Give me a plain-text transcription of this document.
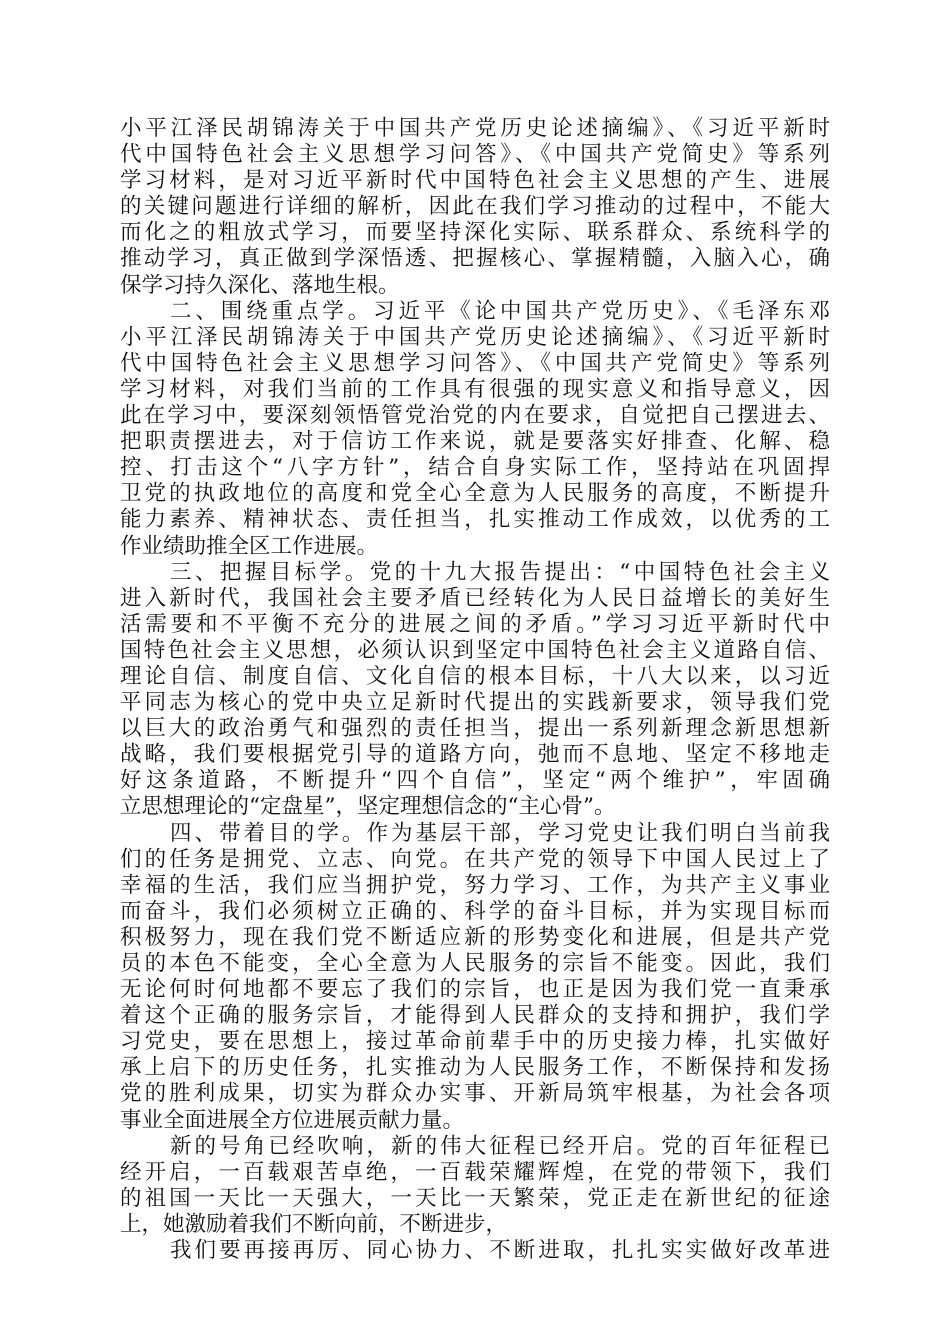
小平江泽民胡锦涛关于中国共产党历史论述摘编》、《习近平新时
代中国特色社会主义思想学习问答》、《中国共产党简史》等系列
学习材料，是对习近平新时代中国特色社会主义思想的产生、进展
的关键问题进行详细的解析，因此在我们学习推动的过程中，不能大
而化之的粗放式学习，而要坚持深化实际、联系群众、系统科学的
推动学习，真正做到学深悟透、把握核心、掌握精髓，入脑入心，确
保学习持久深化、落地生根。
二、围绕重点学。习近平《论中国共产党历史》、《毛泽东邓
小平江泽民胡锦涛关于中国共产党历史论述摘编》、《习近平新时
代中国特色社会主义思想学习问答》、《中国共产党简史》等系列
学习材料，对我们当前的工作具有很强的现实意义和指导意义，因
此在学习中，要深刻领悟管党治党的内在要求，自觉把自己摆进去、
把职责摆进去，对于信访工作来说，就是要落实好排查、化解、稳
控、打击这个“八字方针”，结合自身实际工作，坚持站在巩固捍
卫党的执政地位的高度和党全心全意为人民服务的高度，不断提升
能力素养、精神状态、责任担当，扎实推动工作成效，以优秀的工
作业绩助推全区工作进展。
三、把握目标学。党的十九大报告提出：“中国特色社会主义
进入新时代，我国社会主要矛盾已经转化为人民日益增长的美好生
活需要和不平衡不充分的进展之间的矛盾。”学习习近平新时代中
国特色社会主义思想，必须认识到坚定中国特色社会主义道路自信、
理论自信、制度自信、文化自信的根本目标，十八大以来，以习近
平同志为核心的党中央立足新时代提出的实践新要求，领导我们党
以巨大的政治勇气和强烈的责任担当，提出一系列新理念新思想新
战略，我们要根据党引导的道路方向，弛而不息地、坚定不移地走
好这条道路，不断提升“四个自信”，坚定“两个维护”，牢固确
立思想理论的“定盘星”，坚定理想信念的“主心骨”。
四、带着目的学。作为基层干部，学习党史让我们明白当前我
们的任务是拥党、立志、向党。在共产党的领导下中国人民过上了
幸福的生活，我们应当拥护党，努力学习、工作，为共产主义事业
而奋斗，我们必须树立正确的、科学的奋斗目标，并为实现目标而
积极努力，现在我们党不断适应新的形势变化和进展，但是共产党
员的本色不能变，全心全意为人民服务的宗旨不能变。因此，我们
无论何时何地都不要忘了我们的宗旨，也正是因为我们党一直秉承
着这个正确的服务宗旨，才能得到人民群众的支持和拥护，我们学
习党史，要在思想上，接过革命前辈手中的历史接力棒，扎实做好
承上启下的历史任务，扎实推动为人民服务工作，不断保持和发扬
党的胜利成果，切实为群众办实事、开新局筑牢根基，为社会各项
事业全面进展全方位进展贡献力量。
新的号角已经吹响，新的伟大征程已经开启。党的百年征程已
经开启，一百载艰苦卓绝，一百载荣耀辉煌，在党的带领下，我们
的祖国一天比一天强大，一天比一天繁荣，党正走在新世纪的征途
上，她激励着我们不断向前，不断进步，
我们要再接再厉、同心协力、不断进取，扎扎实实做好改革进
